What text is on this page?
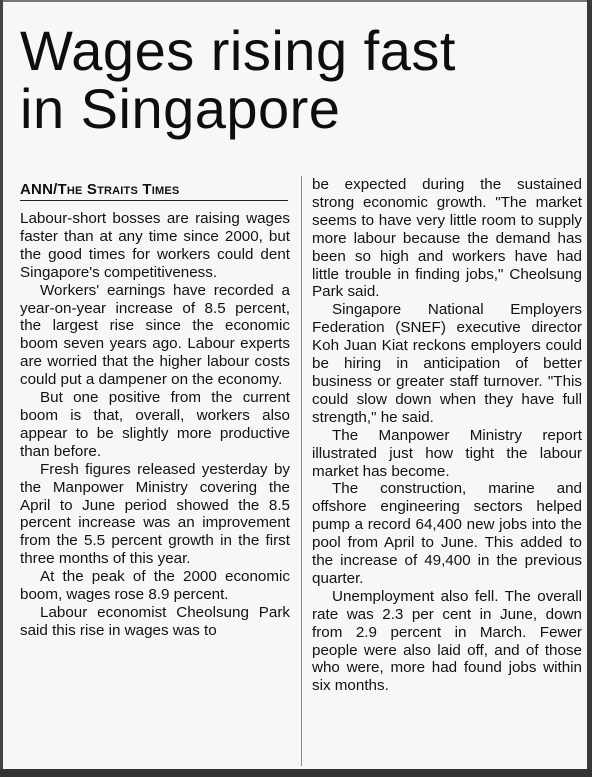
Wages rising fast
in Singapore
ANN/The Straits Times

Labour-short bosses are raising wages faster than at any time since 2000, but the good times for workers could dent Singapore's competitiveness.

Workers' earnings have recorded a year-on-year increase of 8.5 percent, the largest rise since the economic boom seven years ago. Labour experts are worried that the higher labour costs could put a dampener on the economy.

But one positive from the current boom is that, overall, workers also appear to be slightly more productive than before.

Fresh figures released yesterday by the Manpower Ministry covering the April to June period showed the 8.5 percent increase was an improvement from the 5.5 percent growth in the first three months of this year.

At the peak of the 2000 economic boom, wages rose 8.9 percent.

Labour economist Cheolsung Park said this rise in wages was to

be expected during the sustained strong economic growth. "The market seems to have very little room to supply more labour because the demand has been so high and workers have had little trouble in finding jobs," Cheolsung Park said.

Singapore National Employers Federation (SNEF) executive director Koh Juan Kiat reckons employers could be hiring in anticipation of better business or greater staff turnover. "This could slow down when they have full strength," he said.

The Manpower Ministry report illustrated just how tight the labour market has become.

The construction, marine and offshore engineering sectors helped pump a record 64,400 new jobs into the pool from April to June. This added to the increase of 49,400 in the previous quarter.

Unemployment also fell. The overall rate was 2.3 per cent in June, down from 2.9 percent in March. Fewer people were also laid off, and of those who were, more had found jobs within six months.
